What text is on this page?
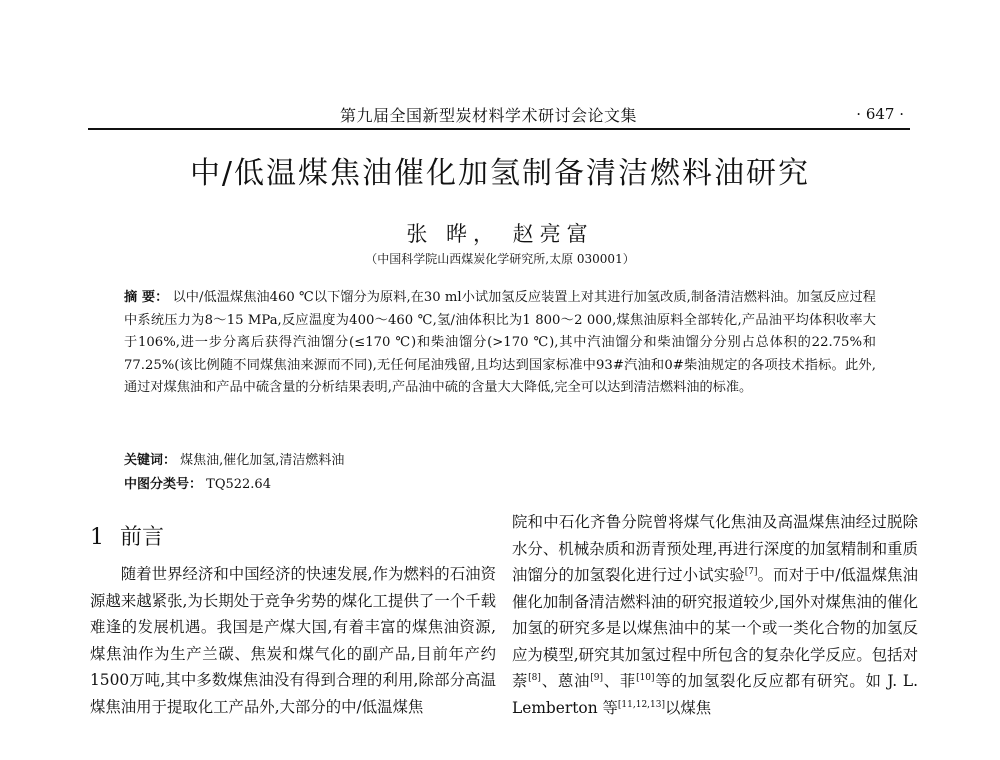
第九届全国新型炭材料学术研讨会论文集	· 647 ·
中/低温煤焦油催化加氢制备清洁燃料油研究
张 晔， 赵亮富
（中国科学院山西煤炭化学研究所,太原 030001）
摘 要： 以中/低温煤焦油460 ℃以下馏分为原料,在30 ml小试加氢反应装置上对其进行加氢改质,制备清洁燃料油。加氢反应过程中系统压力为8～15 MPa,反应温度为400～460 ℃,氢/油体积比为1 800～2 000,煤焦油原料全部转化,产品油平均体积收率大于106%,进一步分离后获得汽油馏分(≤170 ℃)和柴油馏分(>170 ℃),其中汽油馏分和柴油馏分分别占总体积的22.75%和77.25%(该比例随不同煤焦油来源而不同),无任何尾油残留,且均达到国家标准中93#汽油和0#柴油规定的各项技术指标。此外,通过对煤焦油和产品中硫含量的分析结果表明,产品油中硫的含量大大降低,完全可以达到清洁燃料油的标准。
关键词： 煤焦油,催化加氢,清洁燃料油
中图分类号： TQ522.64
1 前言
随着世界经济和中国经济的快速发展,作为燃料的石油资源越来越紧张,为长期处于竞争劣势的煤化工提供了一个千载难逢的发展机遇。我国是产煤大国,有着丰富的煤焦油资源,煤焦油作为生产兰碳、焦炭和煤气化的副产品,目前年产约1500万吨,其中多数煤焦油没有得到合理的利用,除部分高温煤焦油用于提取化工产品外,大部分的中/低温煤焦
院和中石化齐鲁分院曾将煤气化焦油及高温煤焦油经过脱除水分、机械杂质和沥青预处理,再进行深度的加氢精制和重质油馏分的加氢裂化进行过小试实验[7]。而对于中/低温煤焦油催化加制备清洁燃料油的研究报道较少,国外对煤焦油的催化加氢的研究多是以煤焦油中的某一个或一类化合物的加氢反应为模型,研究其加氢过程中所包含的复杂化学反应。包括对萘[8]、蒽油[9]、菲[10]等的加氢裂化反应都有研究。如 J. L. Lemberton 等[11,12,13]以煤焦
